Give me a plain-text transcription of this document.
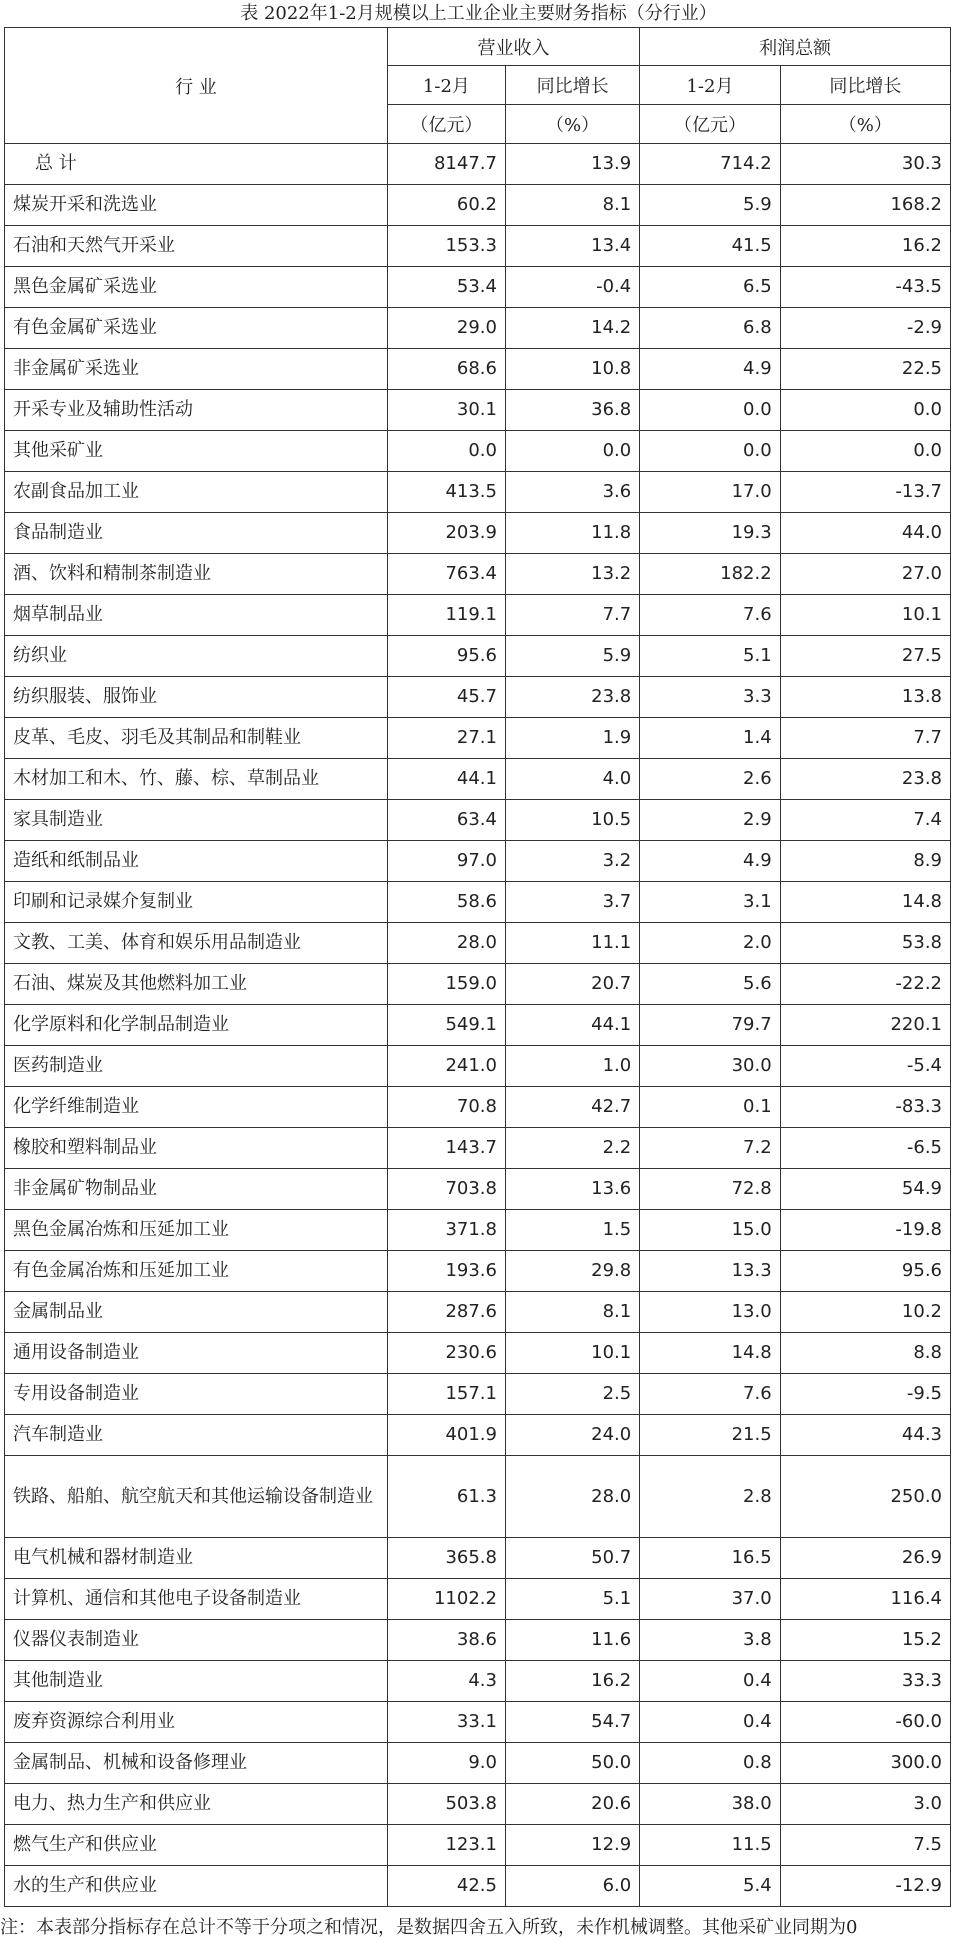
表 2022年1-2月规模以上工业企业主要财务指标（分行业）
行 业	营业收入		利润总额	
	1-2月	同比增长	1-2月	同比增长
	（亿元）	（%）	（亿元）	（%）
总 计	8147.7	13.9	714.2	30.3
煤炭开采和洗选业	60.2	8.1	5.9	168.2
石油和天然气开采业	153.3	13.4	41.5	16.2
黑色金属矿采选业	53.4	-0.4	6.5	-43.5
有色金属矿采选业	29.0	14.2	6.8	-2.9
非金属矿采选业	68.6	10.8	4.9	22.5
开采专业及辅助性活动	30.1	36.8	0.0	0.0
其他采矿业	0.0	0.0	0.0	0.0
农副食品加工业	413.5	3.6	17.0	-13.7
食品制造业	203.9	11.8	19.3	44.0
酒、饮料和精制茶制造业	763.4	13.2	182.2	27.0
烟草制品业	119.1	7.7	7.6	10.1
纺织业	95.6	5.9	5.1	27.5
纺织服装、服饰业	45.7	23.8	3.3	13.8
皮革、毛皮、羽毛及其制品和制鞋业	27.1	1.9	1.4	7.7
木材加工和木、竹、藤、棕、草制品业	44.1	4.0	2.6	23.8
家具制造业	63.4	10.5	2.9	7.4
造纸和纸制品业	97.0	3.2	4.9	8.9
印刷和记录媒介复制业	58.6	3.7	3.1	14.8
文教、工美、体育和娱乐用品制造业	28.0	11.1	2.0	53.8
石油、煤炭及其他燃料加工业	159.0	20.7	5.6	-22.2
化学原料和化学制品制造业	549.1	44.1	79.7	220.1
医药制造业	241.0	1.0	30.0	-5.4
化学纤维制造业	70.8	42.7	0.1	-83.3
橡胶和塑料制品业	143.7	2.2	7.2	-6.5
非金属矿物制品业	703.8	13.6	72.8	54.9
黑色金属冶炼和压延加工业	371.8	1.5	15.0	-19.8
有色金属冶炼和压延加工业	193.6	29.8	13.3	95.6
金属制品业	287.6	8.1	13.0	10.2
通用设备制造业	230.6	10.1	14.8	8.8
专用设备制造业	157.1	2.5	7.6	-9.5
汽车制造业	401.9	24.0	21.5	44.3
铁路、船舶、航空航天和其他运输设备制造业	61.3	28.0	2.8	250.0
电气机械和器材制造业	365.8	50.7	16.5	26.9
计算机、通信和其他电子设备制造业	1102.2	5.1	37.0	116.4
仪器仪表制造业	38.6	11.6	3.8	15.2
其他制造业	4.3	16.2	0.4	33.3
废弃资源综合利用业	33.1	54.7	0.4	-60.0
金属制品、机械和设备修理业	9.0	50.0	0.8	300.0
电力、热力生产和供应业	503.8	20.6	38.0	3.0
燃气生产和供应业	123.1	12.9	11.5	7.5
水的生产和供应业	42.5	6.0	5.4	-12.9
注：本表部分指标存在总计不等于分项之和情况，是数据四舍五入所致，未作机械调整。其他采矿业同期为0
